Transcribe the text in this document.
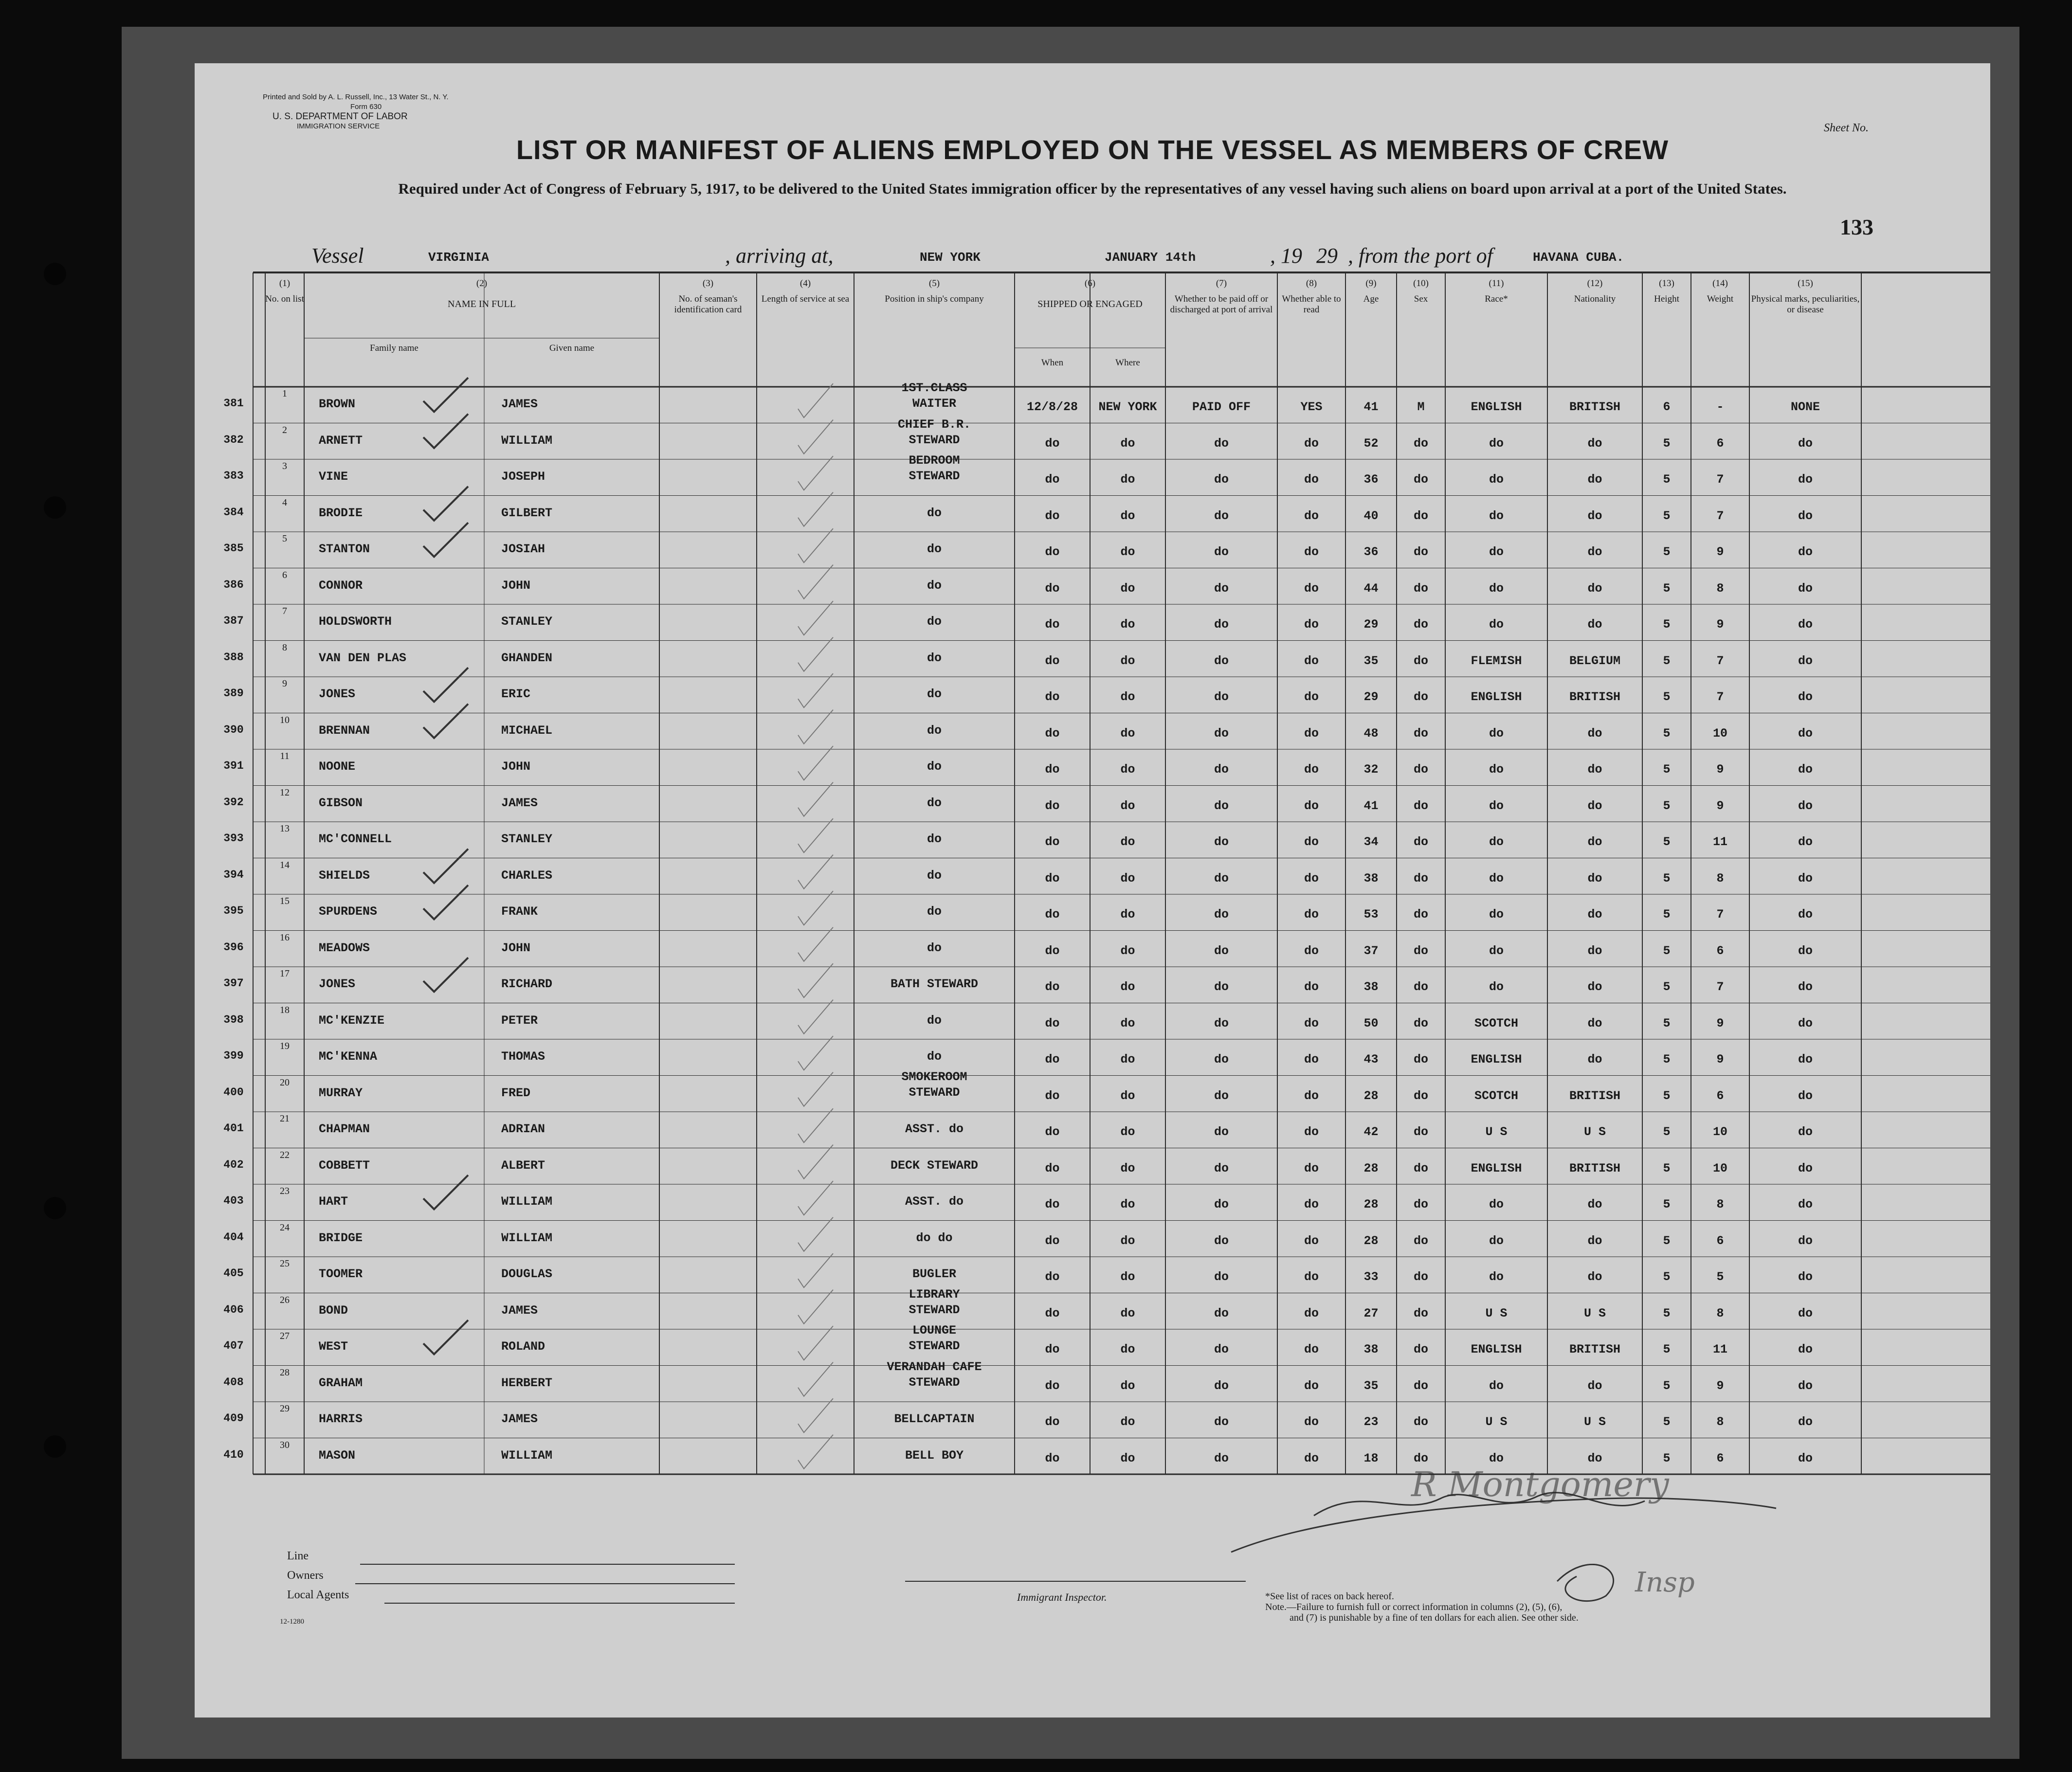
Printed and Sold by A. L. Russell, Inc., 13 Water St., N. Y.
Form 630
U. S. DEPARTMENT OF LABOR
IMMIGRATION SERVICE	Sheet No.
133
LIST OR MANIFEST OF ALIENS EMPLOYED ON THE VESSEL AS MEMBERS OF CREW
Required under Act of Congress of February 5, 1917, to be delivered to the United States immigration officer by the representatives of any vessel having such aliens on board upon arrival at a port of the United States.
Vessel	VIRGINIA	, arriving at,	NEW YORK	JANUARY 14th	, 19 29 , from the port of	HAVANA CUBA.
R Montgomery
Insp
(1)
No. on list
(2)
NAME IN FULL
Family name	Given name
(3)
No. of seaman's identification card
(4)
Length of service at sea
(5)
Position in ship's company
(6)
SHIPPED OR ENGAGED
When	Where
(7)
Whether to be paid off or discharged at port of arrival
(8)
Whether able to read
(9)
Age
(10)
Sex
(11)
Race*
(12)
Nationality
(13)
Height
(14)
Weight
(15)
Physical marks, peculiarities, or disease
381
1
BROWN	JAMES
1ST.CLASS
WAITER	12/8/28	NEW YORK	PAID OFF	YES	41	M	ENGLISH	BRITISH	6	-	NONE
382
2
ARNETT	WILLIAM
CHIEF B.R.
STEWARD	do	do	do	do	52	do	do	do	5	6	do
383
3
VINE	JOSEPH
BEDROOM
STEWARD	do	do	do	do	36	do	do	do	5	7	do
384
4
BRODIE	GILBERT	do	do	do	do	do	40	do	do	do	5	7	do
385
5
STANTON	JOSIAH	do	do	do	do	do	36	do	do	do	5	9	do
386
6
CONNOR	JOHN	do	do	do	do	do	44	do	do	do	5	8	do
387
7
HOLDSWORTH	STANLEY	do	do	do	do	do	29	do	do	do	5	9	do
388
8
VAN DEN PLAS	GHANDEN	do	do	do	do	do	35	do	FLEMISH	BELGIUM	5	7	do
389
9
JONES	ERIC	do	do	do	do	do	29	do	ENGLISH	BRITISH	5	7	do
390
10
BRENNAN	MICHAEL	do	do	do	do	do	48	do	do	do	5	10	do
391
11
NOONE	JOHN	do	do	do	do	do	32	do	do	do	5	9	do
392
12
GIBSON	JAMES	do	do	do	do	do	41	do	do	do	5	9	do
393
13
MC'CONNELL	STANLEY	do	do	do	do	do	34	do	do	do	5	11	do
394
14
SHIELDS	CHARLES	do	do	do	do	do	38	do	do	do	5	8	do
395
15
SPURDENS	FRANK	do	do	do	do	do	53	do	do	do	5	7	do
396
16
MEADOWS	JOHN	do	do	do	do	do	37	do	do	do	5	6	do
397
17
JONES	RICHARD	BATH STEWARD	do	do	do	do	38	do	do	do	5	7	do
398
18
MC'KENZIE	PETER	do	do	do	do	do	50	do	SCOTCH	do	5	9	do
399
19
MC'KENNA	THOMAS	do	do	do	do	do	43	do	ENGLISH	do	5	9	do
400
20
MURRAY	FRED
SMOKEROOM
STEWARD	do	do	do	do	28	do	SCOTCH	BRITISH	5	6	do
401
21
CHAPMAN	ADRIAN	ASST. do	do	do	do	do	42	do	U S	U S	5	10	do
402
22
COBBETT	ALBERT	DECK STEWARD	do	do	do	do	28	do	ENGLISH	BRITISH	5	10	do
403
23
HART	WILLIAM	ASST. do	do	do	do	do	28	do	do	do	5	8	do
404
24
BRIDGE	WILLIAM	do do	do	do	do	do	28	do	do	do	5	6	do
405
25
TOOMER	DOUGLAS	BUGLER	do	do	do	do	33	do	do	do	5	5	do
406
26
BOND	JAMES
LIBRARY
STEWARD	do	do	do	do	27	do	U S	U S	5	8	do
407
27
WEST	ROLAND
LOUNGE
STEWARD	do	do	do	do	38	do	ENGLISH	BRITISH	5	11	do
408
28
GRAHAM	HERBERT
VERANDAH CAFE
STEWARD	do	do	do	do	35	do	do	do	5	9	do
409
29
HARRIS	JAMES	BELLCAPTAIN	do	do	do	do	23	do	U S	U S	5	8	do
410
30
MASON	WILLIAM	BELL BOY	do	do	do	do	18	do	do	do	5	6	do
Line
Owners
Local Agents
12-1280
Immigrant Inspector.	*See list of races on back hereof.
Note.—Failure to furnish full or correct information in columns (2), (5), (6),
and (7) is punishable by a fine of ten dollars for each alien. See other side.
